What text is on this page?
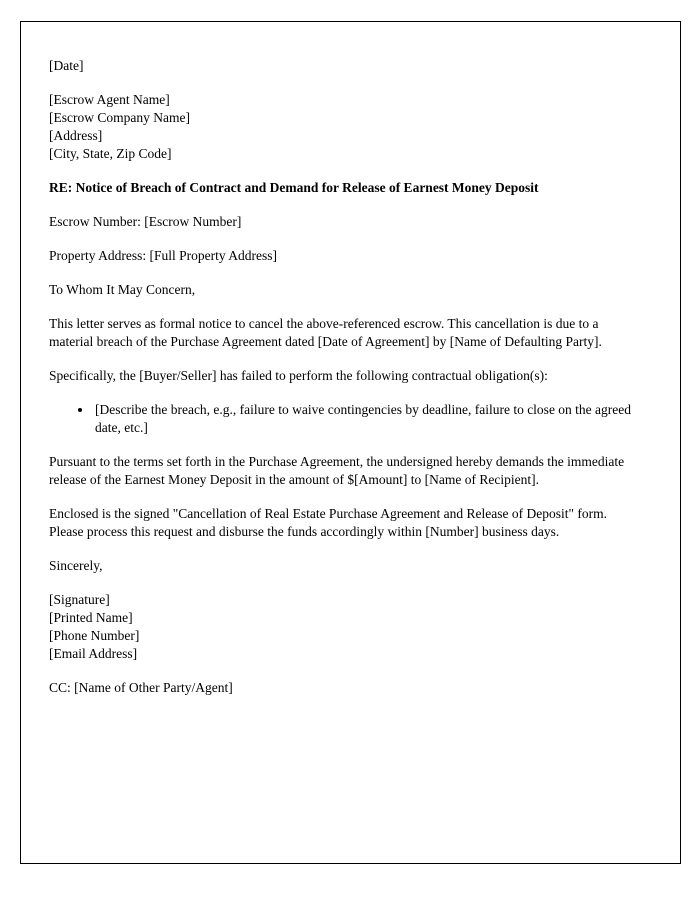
[Date]

[Escrow Agent Name]

[Escrow Company Name]

[Address]

[City, State, Zip Code]

RE: Notice of Breach of Contract and Demand for Release of Earnest Money Deposit

Escrow Number: [Escrow Number]

Property Address: [Full Property Address]

To Whom It May Concern,

This letter serves as formal notice to cancel the above-referenced escrow. This cancellation is due to a material breach of the Purchase Agreement dated [Date of Agreement] by [Name of Defaulting Party].

Specifically, the [Buyer/Seller] has failed to perform the following contractual obligation(s):

• [Describe the breach, e.g., failure to waive contingencies by deadline, failure to close on the agreed date, etc.]

Pursuant to the terms set forth in the Purchase Agreement, the undersigned hereby demands the immediate release of the Earnest Money Deposit in the amount of $[Amount] to [Name of Recipient].

Enclosed is the signed "Cancellation of Real Estate Purchase Agreement and Release of Deposit" form. Please process this request and disburse the funds accordingly within [Number] business days.

Sincerely,

[Signature]

[Printed Name]

[Phone Number]

[Email Address]

CC: [Name of Other Party/Agent]
